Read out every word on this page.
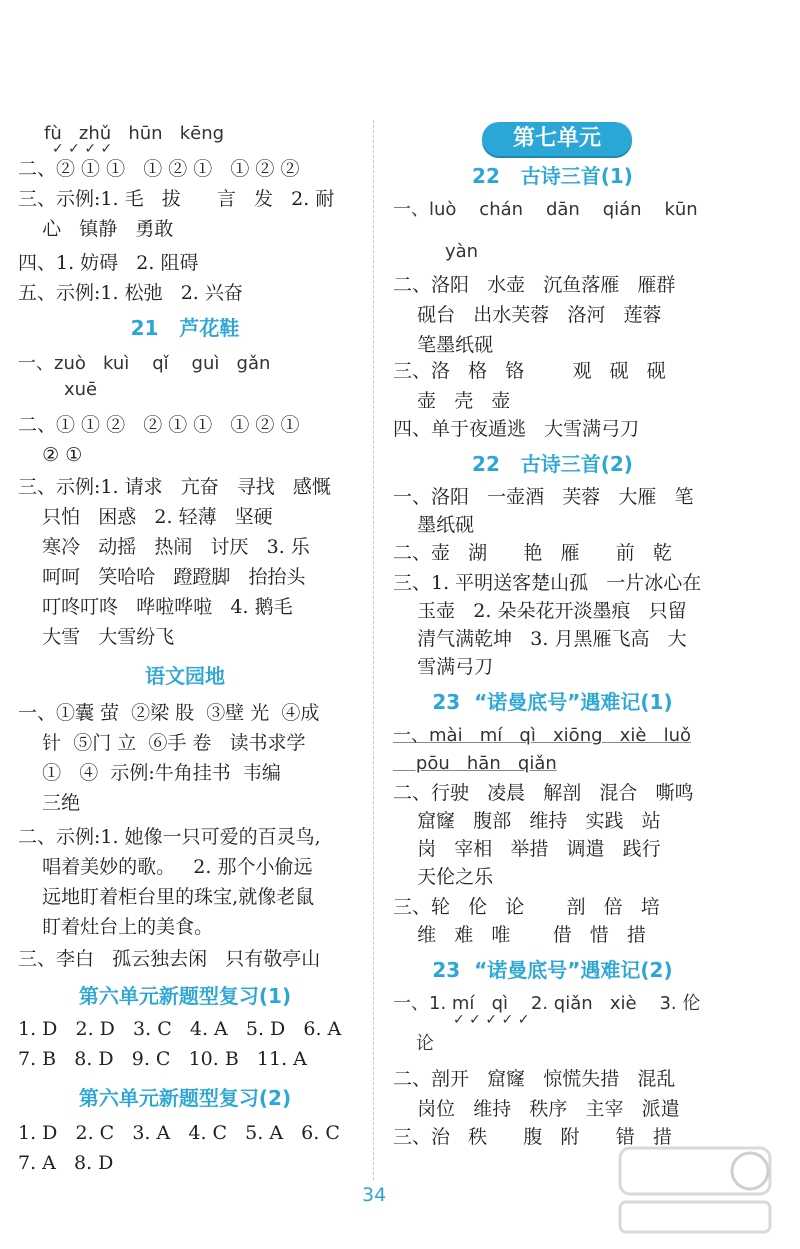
fù   zhǔ   hūn   kēng
✓ ✓ ✓ ✓
二、② ① ①   ① ② ①   ① ② ②
三、示例:1. 毛   拔      言   发   2. 耐
心   镇静   勇敢
四、1. 妨碍   2. 阻碍
五、示例:1. 松弛   2. 兴奋
21   芦花鞋
一、zuò   kuì    qǐ    guì   gǎn
xuē
二、① ① ②   ② ① ①   ① ② ①
② ①
三、示例:1. 请求   亢奋   寻找   感慨
只怕   困惑   2. 轻薄   坚硬
寒冷   动摇   热闹   讨厌   3. 乐
呵呵   笑哈哈   蹬蹬脚   抬抬头
叮咚叮咚   哗啦哗啦   4. 鹅毛
大雪   大雪纷飞
语文园地
一、①囊 萤  ②梁 股  ③壁 光  ④成
针  ⑤门 立  ⑥手 卷   读书求学
①   ④  示例:牛角挂书  韦编
三绝
二、示例:1. 她像一只可爱的百灵鸟,
唱着美妙的歌。   2. 那个小偷远
远地盯着柜台里的珠宝,就像老鼠
盯着灶台上的美食。
三、李白   孤云独去闲   只有敬亭山
第六单元新题型复习(1)
1. D   2. D   3. C   4. A   5. D   6. A
7. B   8. D   9. C   10. B   11. A
第六单元新题型复习(2)
1. D   2. C   3. A   4. C   5. A   6. C
7. A   8. D
第七单元
22   古诗三首(1)
一、luò    chán    dān    qián    kūn
yàn
二、洛阳   水壶   沉鱼落雁   雁群
砚台   出水芙蓉   洛河   莲蓉
笔墨纸砚
三、洛   格   铬        观   砚   砚
壶   壳   壶
四、单于夜遁逃   大雪满弓刀
22   古诗三首(2)
一、洛阳   一壶酒   芙蓉   大雁   笔
墨纸砚
二、壶   湖      艳   雁      前   乾
三、1. 平明送客楚山孤   一片冰心在
玉壶   2. 朵朵花开淡墨痕   只留
清气满乾坤   3. 月黑雁飞高   大
雪满弓刀
23  “诺曼底号”遇难记(1)
一、mài   mí   qì   xiōng   xiè   luǒ
pōu   hān   qiǎn
二、行驶   凌晨   解剖   混合   嘶鸣
窟窿   腹部   维持   实践   站
岗   宰相   举措   调遣   践行
天伦之乐
三、轮   伦   论       剖   倍   培
维   难   唯       借   惜   措
23  “诺曼底号”遇难记(2)
一、1. mí   qì    2. qiǎn   xiè    3. 伦
✓ ✓ ✓ ✓ ✓
论
二、剖开   窟窿   惊慌失措   混乱
岗位   维持   秩序   主宰   派遣
三、治   秩      腹   附      错   措
34
